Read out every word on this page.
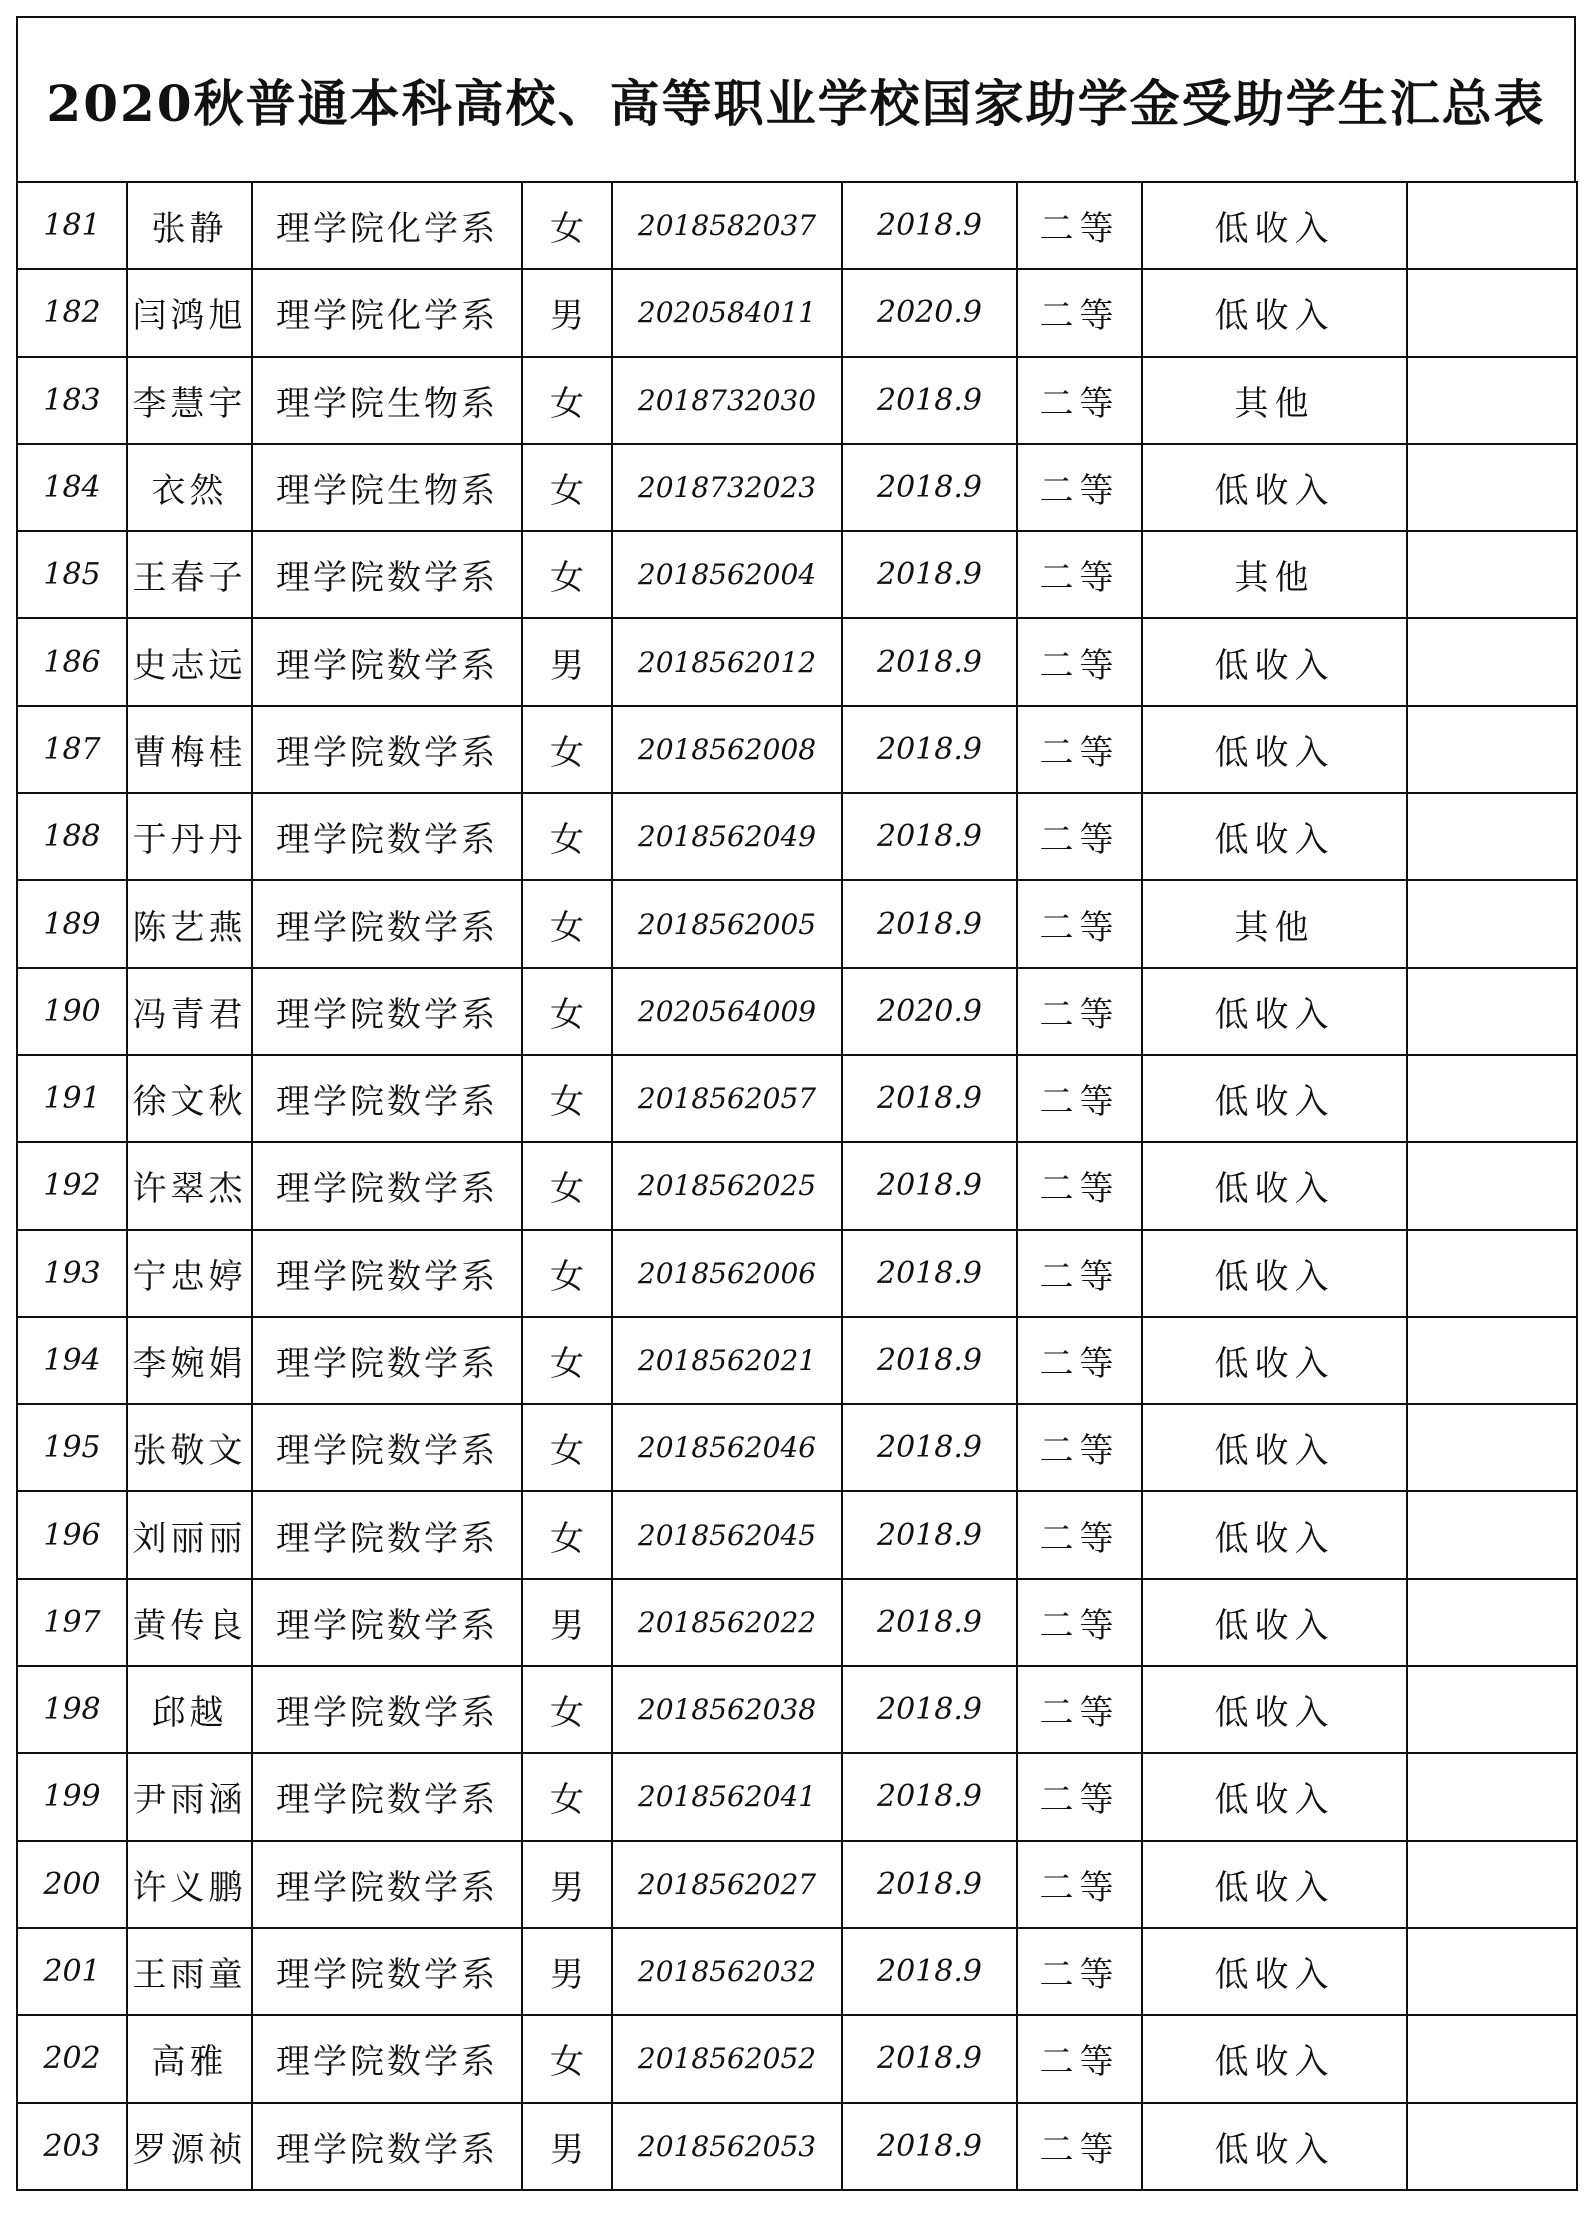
2020秋普通本科高校、高等职业学校国家助学金受助学生汇总表
181	张静	理学院化学系	女	2018582037	2018.9	二等	低收入	
182	闫鸿旭	理学院化学系	男	2020584011	2020.9	二等	低收入	
183	李慧宇	理学院生物系	女	2018732030	2018.9	二等	其他	
184	衣然	理学院生物系	女	2018732023	2018.9	二等	低收入	
185	王春子	理学院数学系	女	2018562004	2018.9	二等	其他	
186	史志远	理学院数学系	男	2018562012	2018.9	二等	低收入	
187	曹梅桂	理学院数学系	女	2018562008	2018.9	二等	低收入	
188	于丹丹	理学院数学系	女	2018562049	2018.9	二等	低收入	
189	陈艺燕	理学院数学系	女	2018562005	2018.9	二等	其他	
190	冯青君	理学院数学系	女	2020564009	2020.9	二等	低收入	
191	徐文秋	理学院数学系	女	2018562057	2018.9	二等	低收入	
192	许翠杰	理学院数学系	女	2018562025	2018.9	二等	低收入	
193	宁忠婷	理学院数学系	女	2018562006	2018.9	二等	低收入	
194	李婉娟	理学院数学系	女	2018562021	2018.9	二等	低收入	
195	张敬文	理学院数学系	女	2018562046	2018.9	二等	低收入	
196	刘丽丽	理学院数学系	女	2018562045	2018.9	二等	低收入	
197	黄传良	理学院数学系	男	2018562022	2018.9	二等	低收入	
198	邱越	理学院数学系	女	2018562038	2018.9	二等	低收入	
199	尹雨涵	理学院数学系	女	2018562041	2018.9	二等	低收入	
200	许义鹏	理学院数学系	男	2018562027	2018.9	二等	低收入	
201	王雨童	理学院数学系	男	2018562032	2018.9	二等	低收入	
202	高雅	理学院数学系	女	2018562052	2018.9	二等	低收入	
203	罗源祯	理学院数学系	男	2018562053	2018.9	二等	低收入	
